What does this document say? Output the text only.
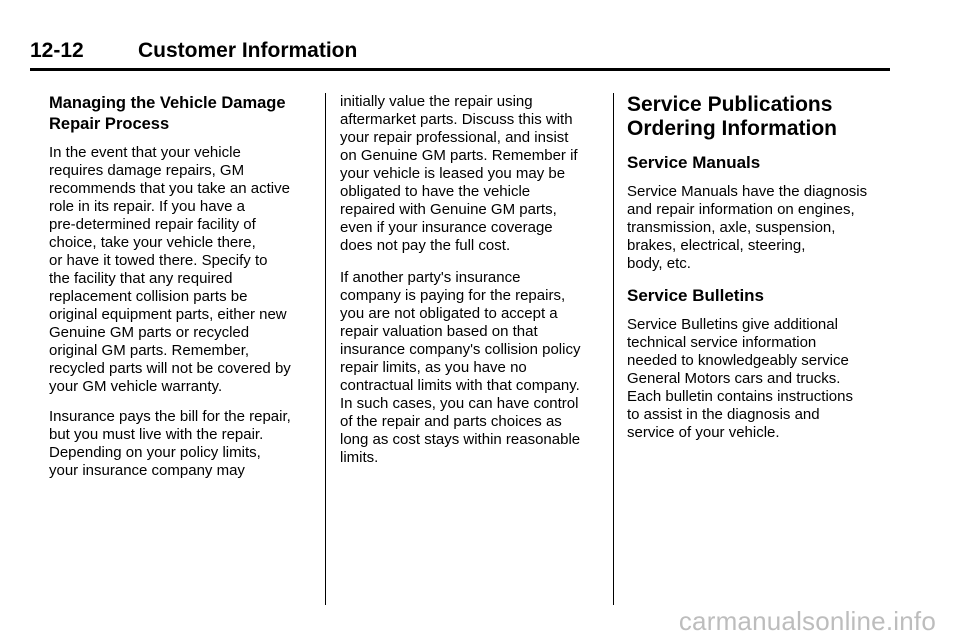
12-12	Customer Information
Managing the Vehicle Damage
Repair Process

In the event that your vehicle
requires damage repairs, GM
recommends that you take an active
role in its repair. If you have a
pre-determined repair facility of
choice, take your vehicle there,
or have it towed there. Specify to
the facility that any required
replacement collision parts be
original equipment parts, either new
Genuine GM parts or recycled
original GM parts. Remember,
recycled parts will not be covered by
your GM vehicle warranty.

Insurance pays the bill for the repair,
but you must live with the repair.
Depending on your policy limits,
your insurance company may

initially value the repair using
aftermarket parts. Discuss this with
your repair professional, and insist
on Genuine GM parts. Remember if
your vehicle is leased you may be
obligated to have the vehicle
repaired with Genuine GM parts,
even if your insurance coverage
does not pay the full cost.

If another party's insurance
company is paying for the repairs,
you are not obligated to accept a
repair valuation based on that
insurance company's collision policy
repair limits, as you have no
contractual limits with that company.
In such cases, you can have control
of the repair and parts choices as
long as cost stays within reasonable
limits.

Service Publications
Ordering Information
Service Manuals

Service Manuals have the diagnosis
and repair information on engines,
transmission, axle, suspension,
brakes, electrical, steering,
body, etc.

Service Bulletins

Service Bulletins give additional
technical service information
needed to knowledgeably service
General Motors cars and trucks.
Each bulletin contains instructions
to assist in the diagnosis and
service of your vehicle.

carmanualsonline.info
